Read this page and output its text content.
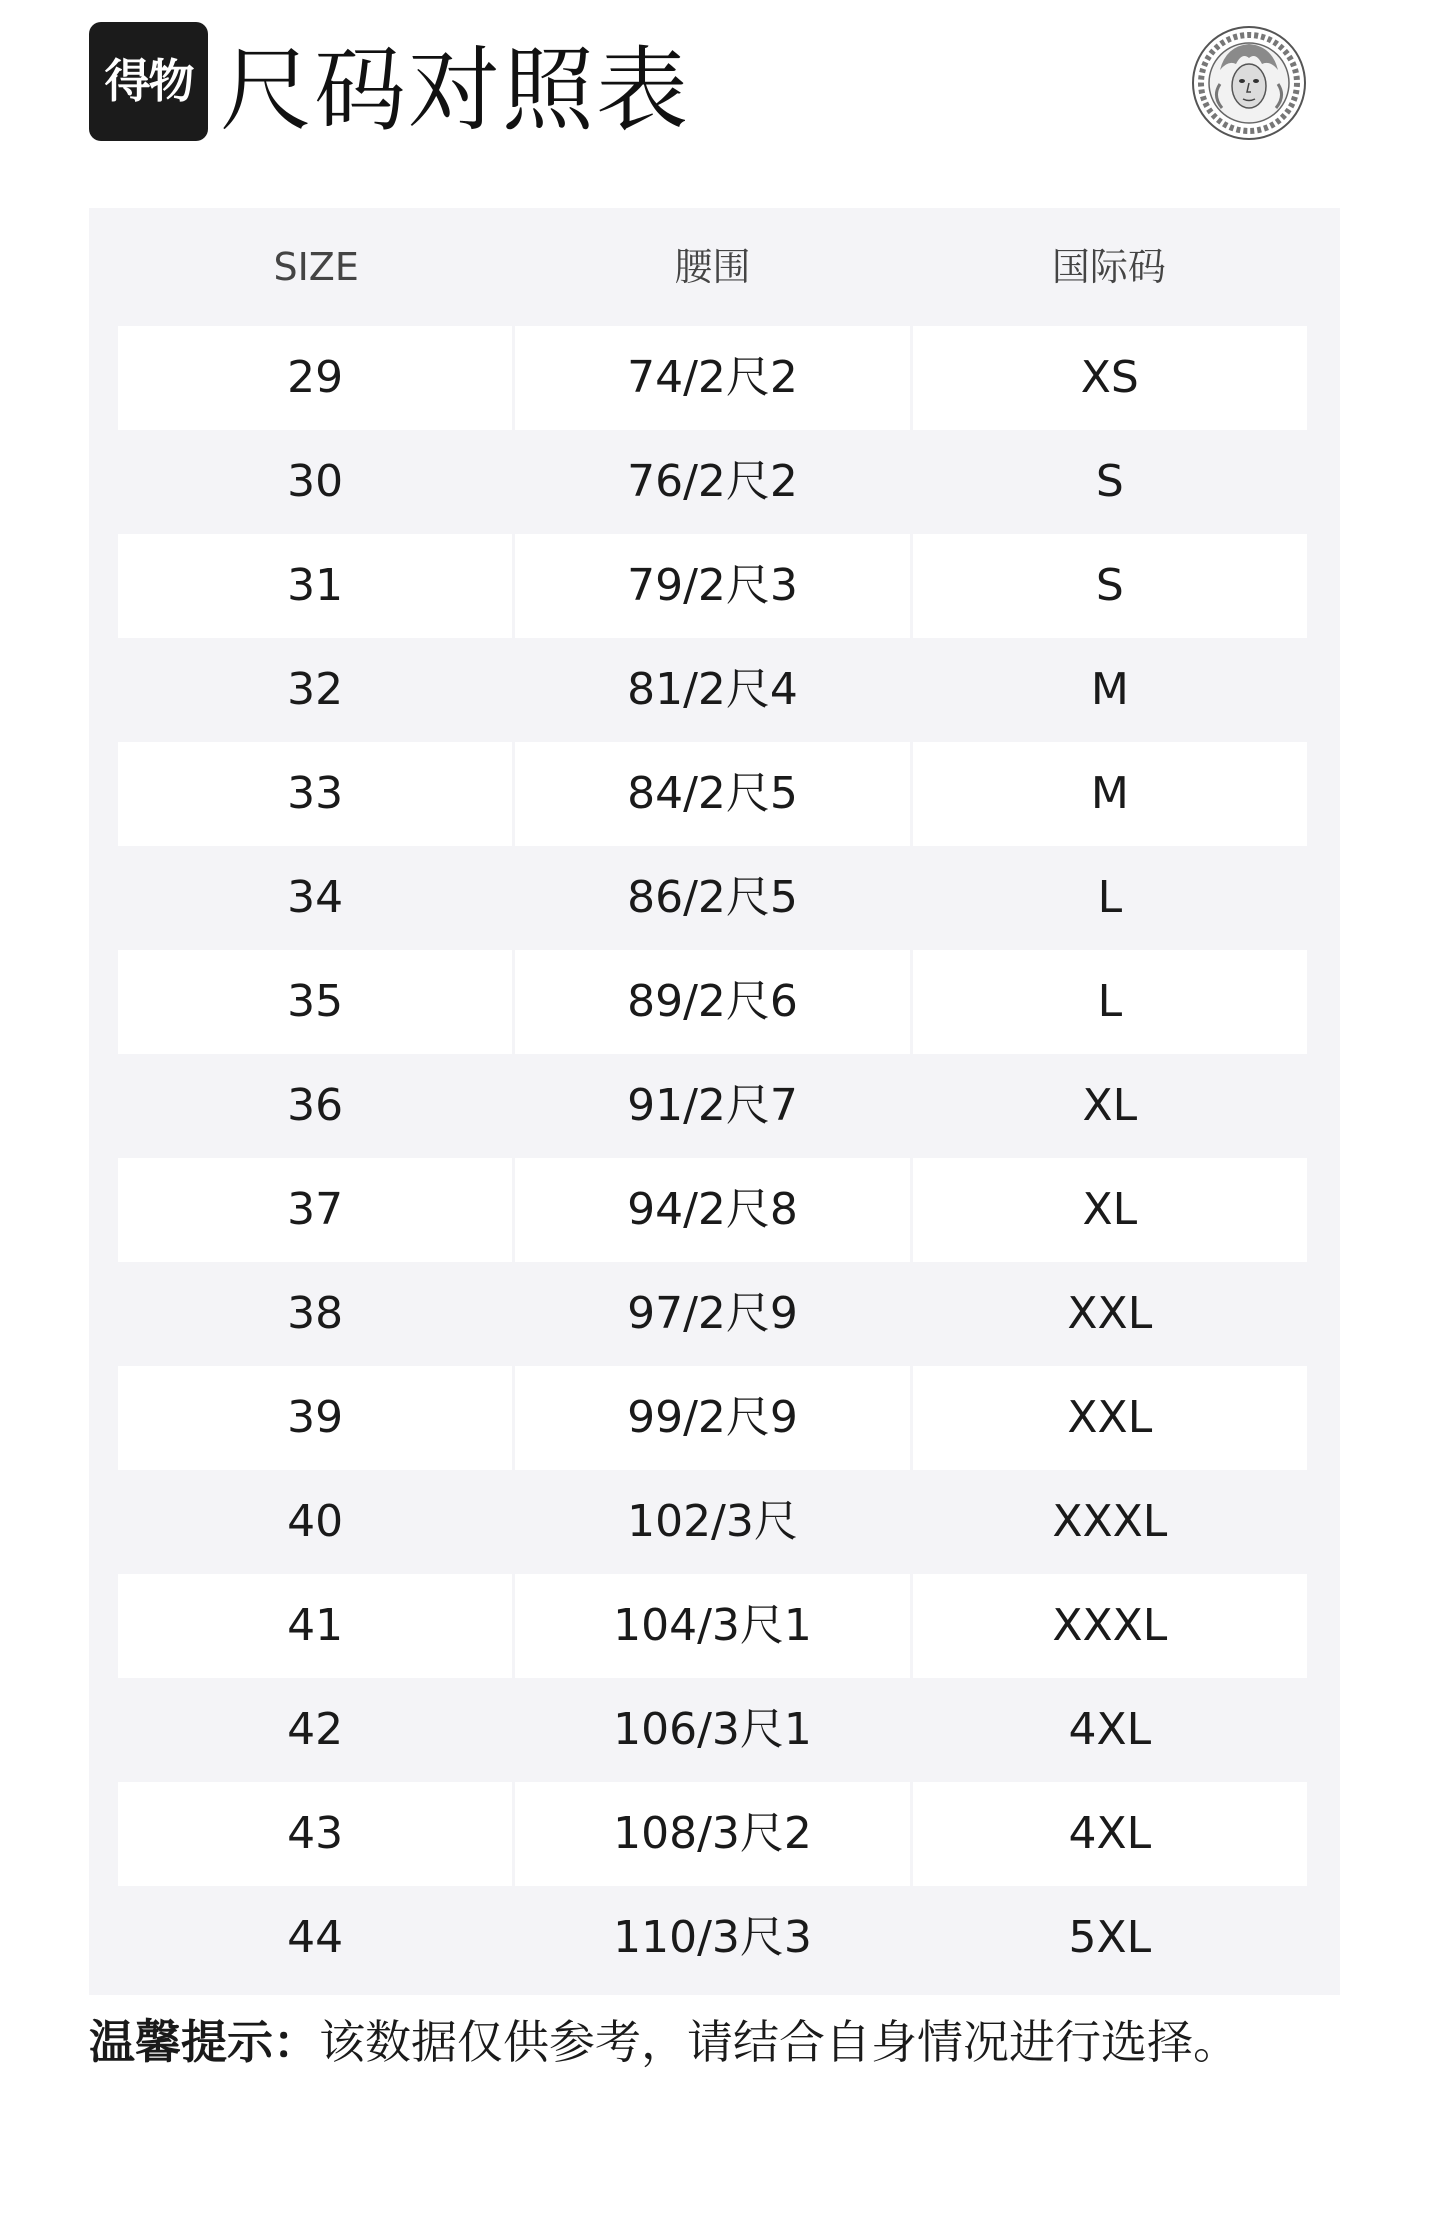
得物 尺码对照表
SIZE	腰围	国际码
29	74/2尺2	XS
30	76/2尺2	S
31	79/2尺3	S
32	81/2尺4	M
33	84/2尺5	M
34	86/2尺5	L
35	89/2尺6	L
36	91/2尺7	XL
37	94/2尺8	XL
38	97/2尺9	XXL
39	99/2尺9	XXL
40	102/3尺	XXXL
41	104/3尺1	XXXL
42	106/3尺1	4XL
43	108/3尺2	4XL
44	110/3尺3	5XL
温馨提示：该数据仅供参考，请结合自身情况进行选择。
